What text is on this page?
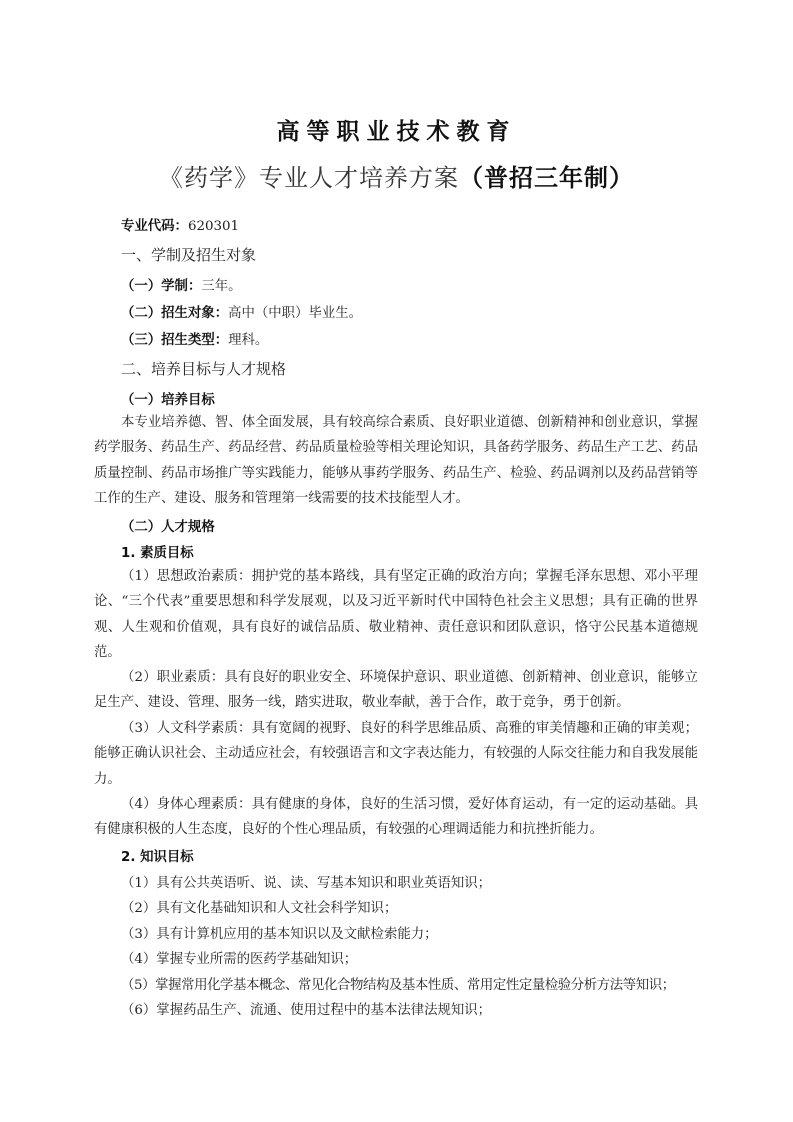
高等职业技术教育
《药学》专业人才培养方案（普招三年制）
专业代码：620301
一、学制及招生对象
（一）学制：三年。
（二）招生对象：高中（中职）毕业生。
（三）招生类型：理科。
二、培养目标与人才规格
（一）培养目标
本专业培养德、智、体全面发展，具有较高综合素质、良好职业道德、创新精神和创业意识，掌握药学服务、药品生产、药品经营、药品质量检验等相关理论知识，具备药学服务、药品生产工艺、药品质量控制、药品市场推广等实践能力，能够从事药学服务、药品生产、检验、药品调剂以及药品营销等工作的生产、建设、服务和管理第一线需要的技术技能型人才。
（二）人才规格
1. 素质目标
（1）思想政治素质：拥护党的基本路线，具有坚定正确的政治方向；掌握毛泽东思想、邓小平理论、“三个代表”重要思想和科学发展观，以及习近平新时代中国特色社会主义思想；具有正确的世界观、人生观和价值观，具有良好的诚信品质、敬业精神、责任意识和团队意识，恪守公民基本道德规范。
（2）职业素质：具有良好的职业安全、环境保护意识、职业道德、创新精神、创业意识，能够立足生产、建设、管理、服务一线，踏实进取，敬业奉献，善于合作，敢于竞争，勇于创新。
（3）人文科学素质：具有宽阔的视野、良好的科学思维品质、高雅的审美情趣和正确的审美观；能够正确认识社会、主动适应社会，有较强语言和文字表达能力，有较强的人际交往能力和自我发展能力。
（4）身体心理素质：具有健康的身体，良好的生活习惯，爱好体育运动，有一定的运动基础。具有健康积极的人生态度，良好的个性心理品质，有较强的心理调适能力和抗挫折能力。
2. 知识目标
（1）具有公共英语听、说、读、写基本知识和职业英语知识；
（2）具有文化基础知识和人文社会科学知识；
（3）具有计算机应用的基本知识以及文献检索能力；
（4）掌握专业所需的医药学基础知识；
（5）掌握常用化学基本概念、常见化合物结构及基本性质、常用定性定量检验分析方法等知识；
（6）掌握药品生产、流通、使用过程中的基本法律法规知识；
